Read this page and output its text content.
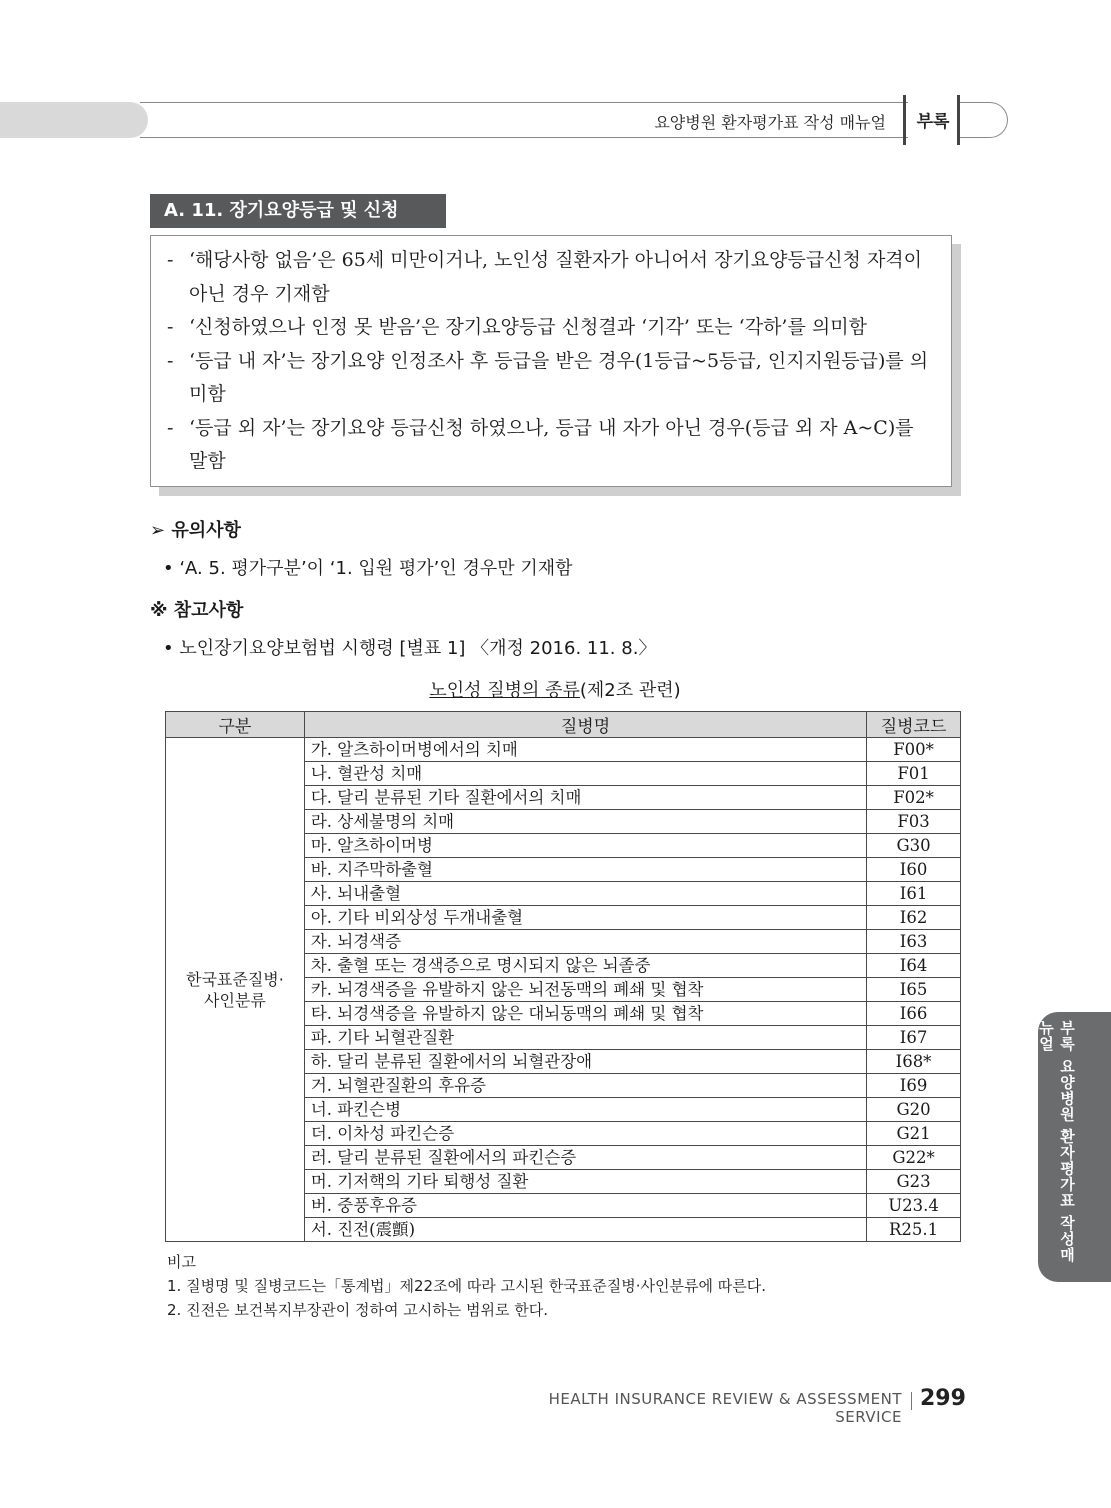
요양병원 환자평가표 작성 매뉴얼	부록
A. 11. 장기요양등급 및 신청
- ‘해당사항 없음’은 65세 미만이거나, 노인성 질환자가 아니어서 장기요양등급신청 자격이 아닌 경우 기재함
- ‘신청하였으나 인정 못 받음’은 장기요양등급 신청결과 ‘기각’ 또는 ‘각하’를 의미함
- ‘등급 내 자’는 장기요양 인정조사 후 등급을 받은 경우(1등급~5등급, 인지지원등급)를 의미함
- ‘등급 외 자’는 장기요양 등급신청 하였으나, 등급 내 자가 아닌 경우(등급 외 자 A~C)를 말함
➢ 유의사항
• ‘A. 5. 평가구분’이 ‘1. 입원 평가’인 경우만 기재함
※ 참고사항
• 노인장기요양보험법 시행령 [별표 1] 〈개정 2016. 11. 8.〉
노인성 질병의 종류(제2조 관련)
구분	질병명	질병코드
한국표준질병·
사인분류	가. 알츠하이머병에서의 치매	F00*
	나. 혈관성 치매	F01
	다. 달리 분류된 기타 질환에서의 치매	F02*
	라. 상세불명의 치매	F03
	마. 알츠하이머병	G30
	바. 지주막하출혈	I60
	사. 뇌내출혈	I61
	아. 기타 비외상성 두개내출혈	I62
	자. 뇌경색증	I63
	차. 출혈 또는 경색증으로 명시되지 않은 뇌졸중	I64
	카. 뇌경색증을 유발하지 않은 뇌전동맥의 폐쇄 및 협착	I65
	타. 뇌경색증을 유발하지 않은 대뇌동맥의 폐쇄 및 협착	I66
	파. 기타 뇌혈관질환	I67
	하. 달리 분류된 질환에서의 뇌혈관장애	I68*
	거. 뇌혈관질환의 후유증	I69
	너. 파킨슨병	G20
	더. 이차성 파킨슨증	G21
	러. 달리 분류된 질환에서의 파킨슨증	G22*
	머. 기저핵의 기타 퇴행성 질환	G23
	버. 중풍후유증	U23.4
	서. 진전(震顫)	R25.1
비고
1. 질병명 및 질병코드는「통계법」제22조에 따라 고시된 한국표준질병·사인분류에 따른다.
2. 진전은 보건복지부장관이 정하여 고시하는 범위로 한다.
부록 요양병원 환자평가표 작성매뉴얼
HEALTH INSURANCE REVIEW & ASSESSMENT SERVICE
299
